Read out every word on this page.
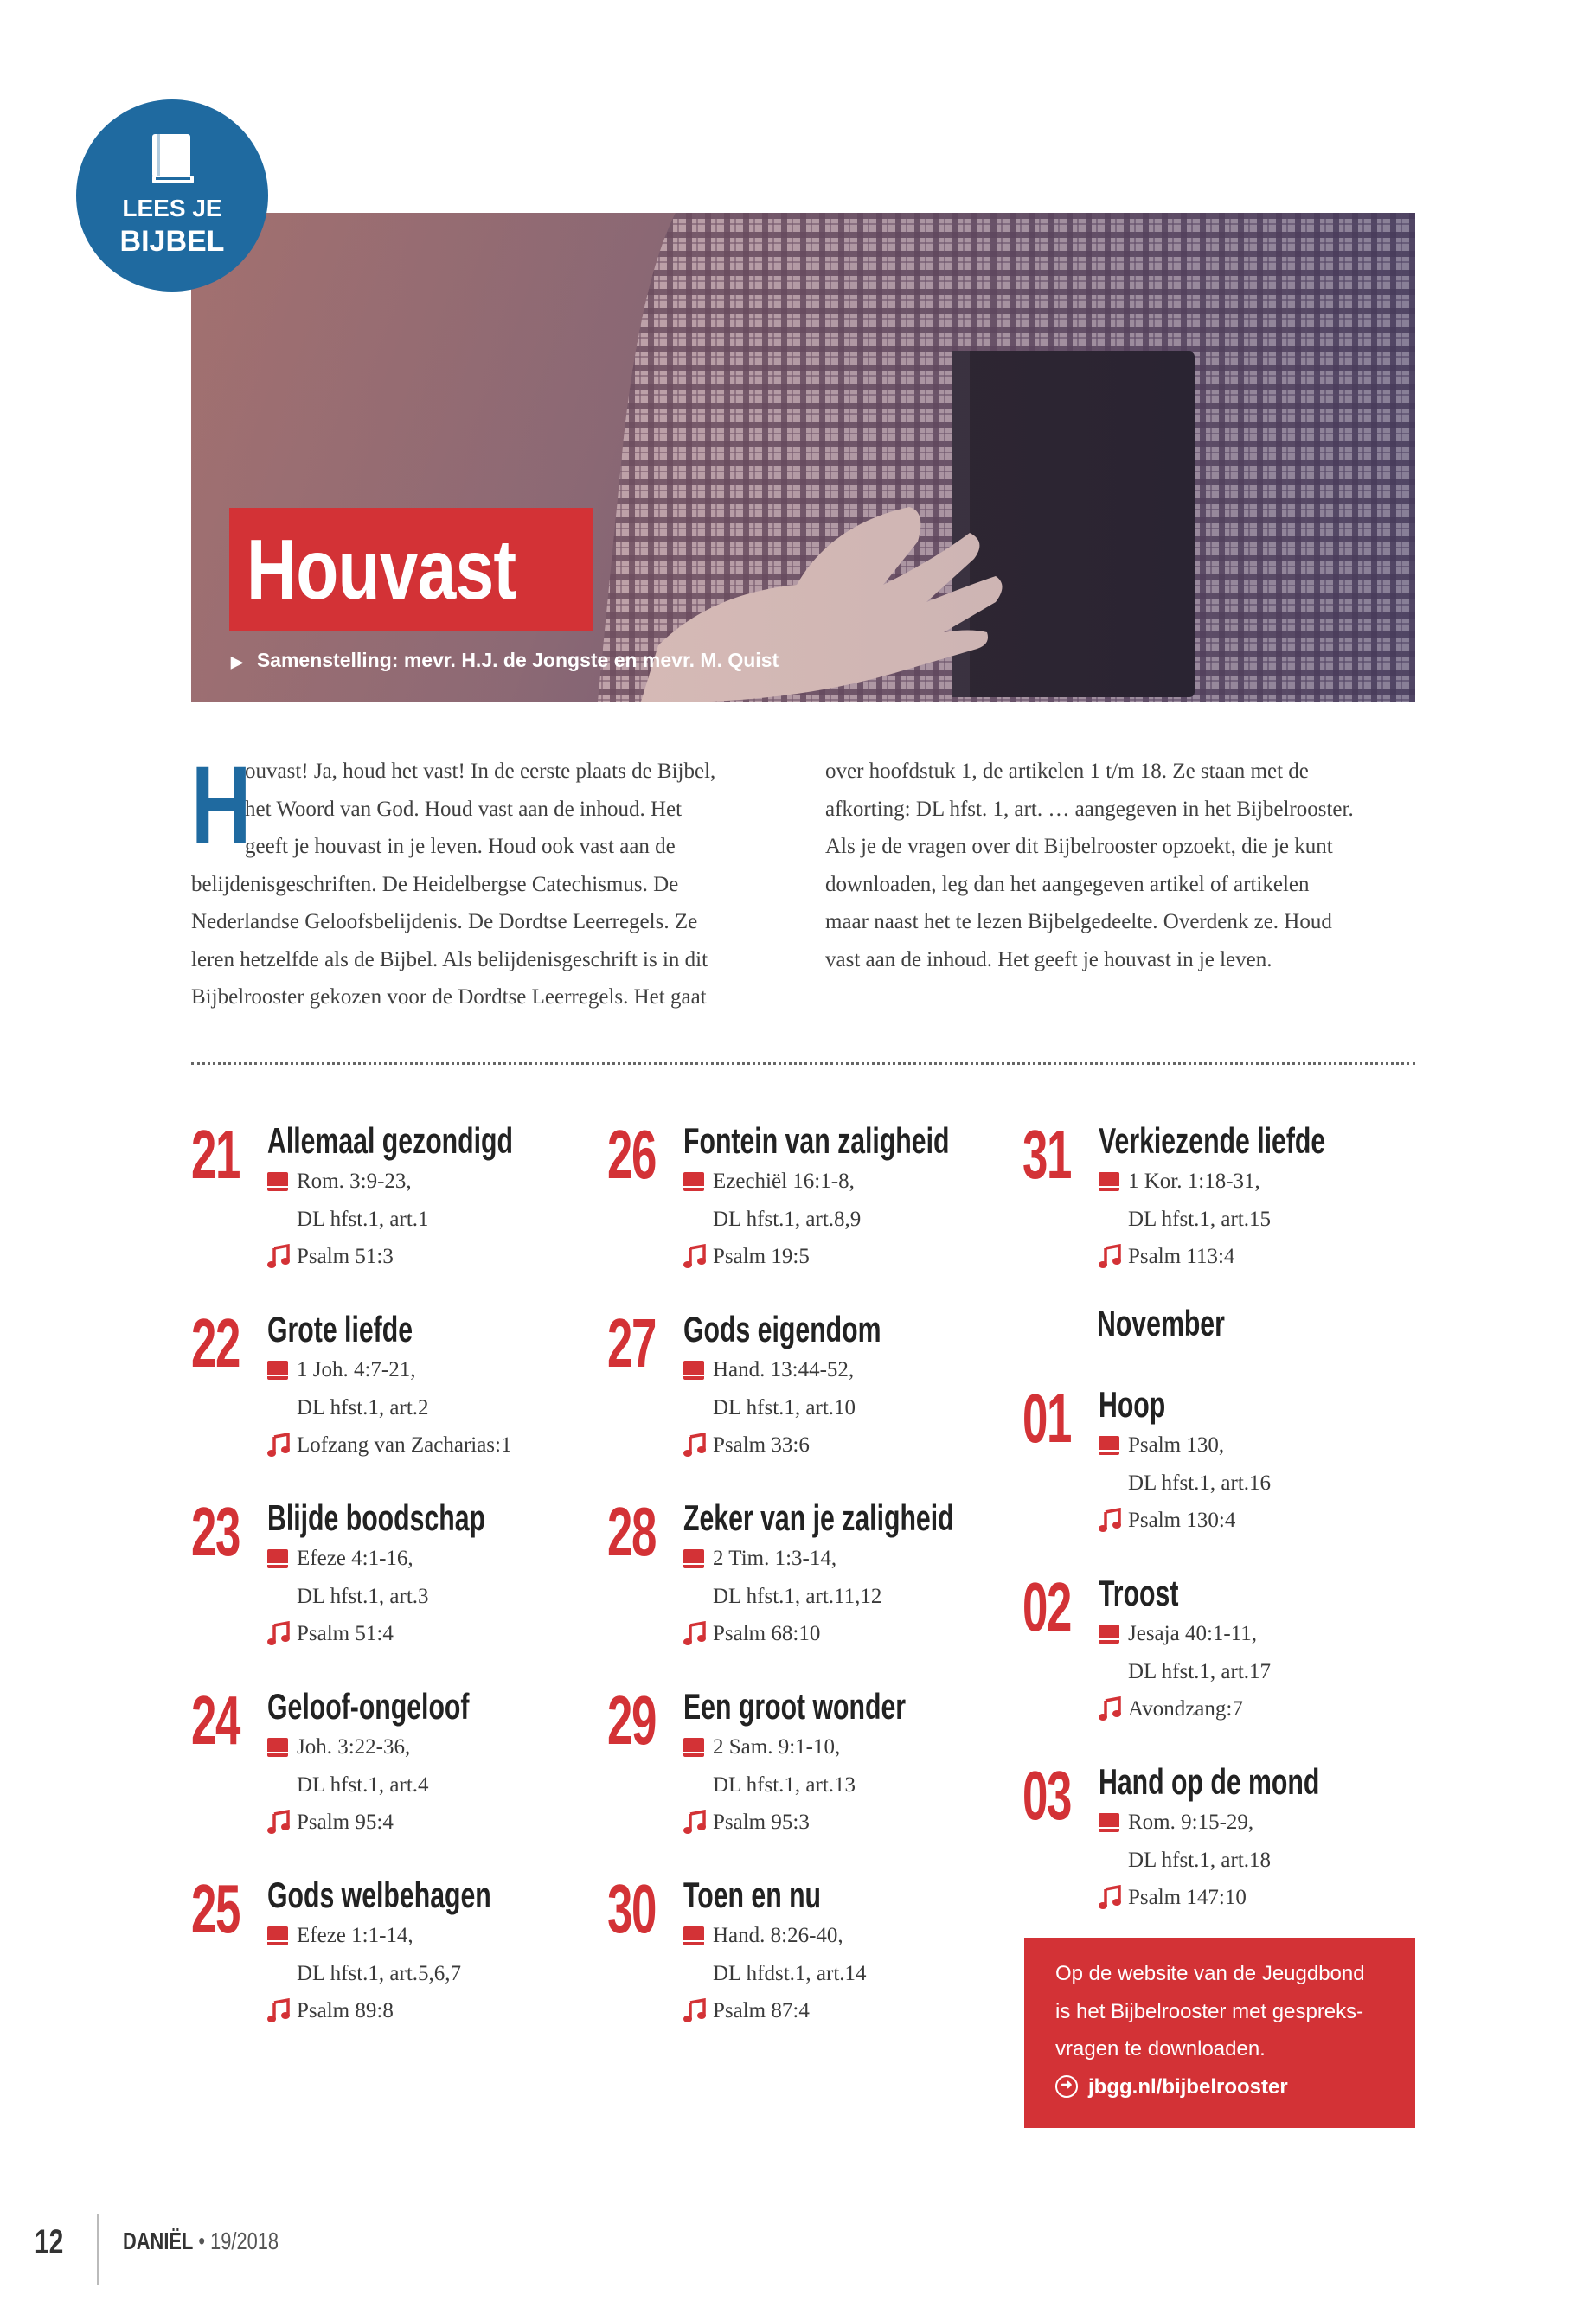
LEES JE
BIJBEL
Houvast
▶ Samenstelling: mevr. H.J. de Jongste en mevr. M. Quist
H
ouvast! Ja, houd het vast! In de eerste plaats de Bijbel,
het Woord van God. Houd vast aan de inhoud. Het
geeft je houvast in je leven. Houd ook vast aan de
belijdenisgeschriften. De Heidelbergse Catechismus. De
Nederlandse Geloofsbelijdenis. De Dordtse Leerregels. Ze
leren hetzelfde als de Bijbel. Als belijdenisgeschrift is in dit
Bijbelrooster gekozen voor de Dordtse Leerregels. Het gaat
over hoofdstuk 1, de artikelen 1 t/m 18. Ze staan met de
afkorting: DL hfst. 1, art. … aangegeven in het Bijbelrooster.
Als je de vragen over dit Bijbelrooster opzoekt, die je kunt
downloaden, leg dan het aangegeven artikel of artikelen
maar naast het te lezen Bijbelgedeelte. Overdenk ze. Houd
vast aan de inhoud. Het geeft je houvast in je leven.
21 Allemaal gezondigd
Rom. 3:9-23,
DL hfst.1, art.1
Psalm 51:3
22 Grote liefde
1 Joh. 4:7-21,
DL hfst.1, art.2
Lofzang van Zacharias:1
23 Blijde boodschap
Efeze 4:1-16,
DL hfst.1, art.3
Psalm 51:4
24 Geloof-ongeloof
Joh. 3:22-36,
DL hfst.1, art.4
Psalm 95:4
25 Gods welbehagen
Efeze 1:1-14,
DL hfst.1, art.5,6,7
Psalm 89:8
26 Fontein van zaligheid
Ezechiël 16:1-8,
DL hfst.1, art.8,9
Psalm 19:5
27 Gods eigendom
Hand. 13:44-52,
DL hfst.1, art.10
Psalm 33:6
28 Zeker van je zaligheid
2 Tim. 1:3-14,
DL hfst.1, art.11,12
Psalm 68:10
29 Een groot wonder
2 Sam. 9:1-10,
DL hfst.1, art.13
Psalm 95:3
30 Toen en nu
Hand. 8:26-40,
DL hfdst.1, art.14
Psalm 87:4
31 Verkiezende liefde
1 Kor. 1:18-31,
DL hfst.1, art.15
Psalm 113:4
01 Hoop
Psalm 130,
DL hfst.1, art.16
Psalm 130:4
02 Troost
Jesaja 40:1-11,
DL hfst.1, art.17
Avondzang:7
03 Hand op de mond
Rom. 9:15-29,
DL hfst.1, art.18
Psalm 147:10
November
Op de website van de Jeugdbond
is het Bijbelrooster met gespreks-
vragen te downloaden.
➜ jbgg.nl/bijbelrooster
12 DANIËL • 19/2018
